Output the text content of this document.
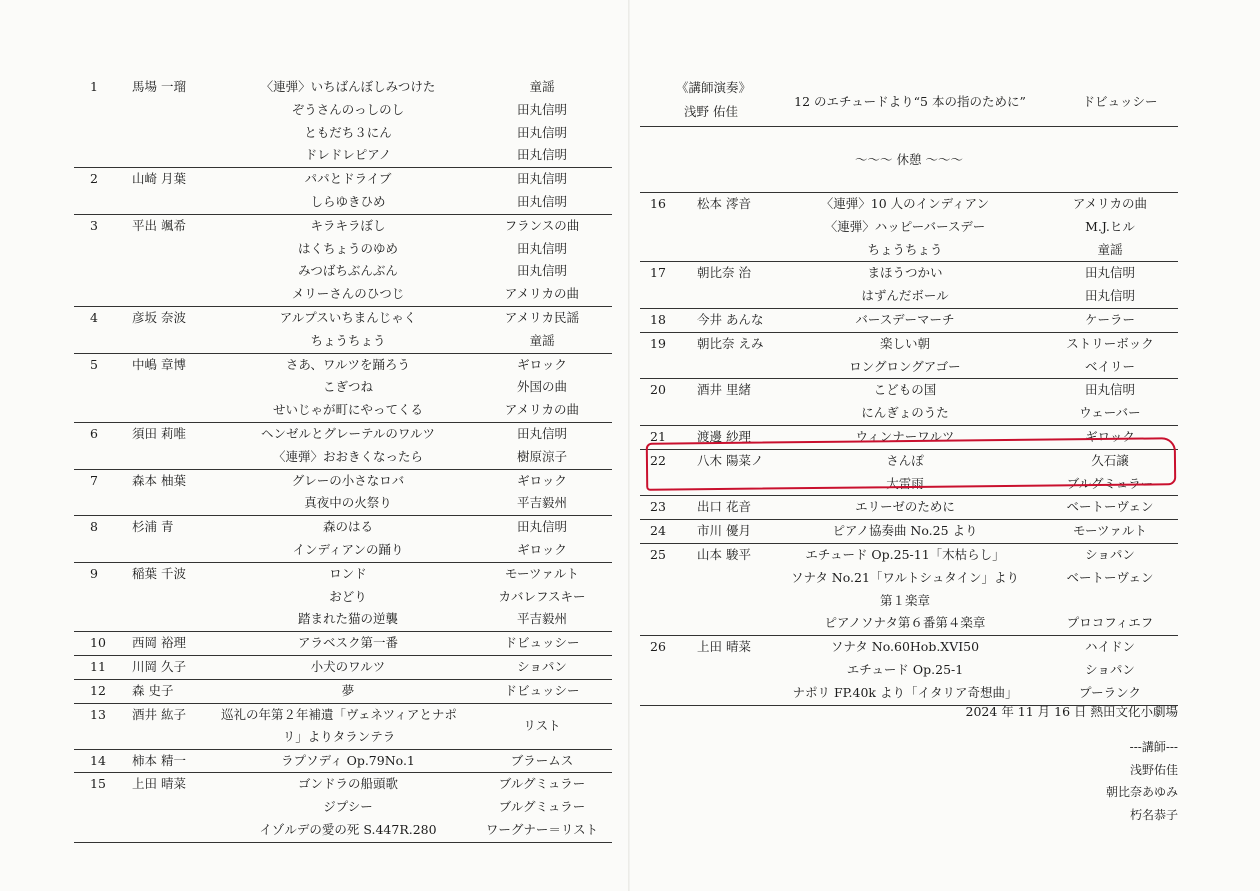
1	馬場 一瑠	〈連弾〉いちばんぼしみつけた	童謡
ぞうさんのっしのし	田丸信明
ともだち３にん	田丸信明
ドレドレピアノ	田丸信明
2	山崎 月葉	パパとドライブ	田丸信明
しらゆきひめ	田丸信明
3	平出 颯希	キラキラぼし	フランスの曲
はくちょうのゆめ	田丸信明
みつばちぶんぶん	田丸信明
メリーさんのひつじ	アメリカの曲
4	彦坂 奈波	アルプスいちまんじゃく	アメリカ民謡
ちょうちょう	童謡
5	中嶋 章博	さあ、ワルツを踊ろう	ギロック
こぎつね	外国の曲
せいじゃが町にやってくる	アメリカの曲
6	須田 莉唯	ヘンゼルとグレーテルのワルツ	田丸信明
〈連弾〉おおきくなったら	樹原涼子
7	森本 柚葉	グレーの小さなロバ	ギロック
真夜中の火祭り	平吉毅州
8	杉浦 青	森のはる	田丸信明
インディアンの踊り	ギロック
9	稲葉 千波	ロンド	モーツァルト
おどり	カバレフスキー
踏まれた猫の逆襲	平吉毅州
10	西岡 裕理	アラベスク第一番	ドビュッシー
11	川岡 久子	小犬のワルツ	ショパン
12	森 史子	夢	ドビュッシー
13	酒井 紘子	巡礼の年第２年補遺「ヴェネツィアとナポリ」よりタランテラ
リスト
14	柿本 精一	ラプソディ Op.79No.1	ブラームス
15	上田 晴菜	ゴンドラの船頭歌	ブルグミュラー
ジプシー	ブルグミュラー
イゾルデの愛の死 S.447R.280	ワーグナー＝リスト
《講師演奏》
浅野 佑佳
12 のエチュードより“5 本の指のために”	ドビュッシー
～～～ 休憩 ～～～
2024 年 11 月 16 日 熱田文化小劇場
---講師---
浅野佑佳
朝比奈あゆみ
朽名恭子
16	松本 澪音	〈連弾〉10 人のインディアン	アメリカの曲
〈連弾〉ハッピーバースデー	M.J.ヒル
ちょうちょう	童謡
17	朝比奈 治	まほうつかい	田丸信明
はずんだボール	田丸信明
18	今井 あんな	バースデーマーチ	ケーラー
19	朝比奈 えみ	楽しい朝	ストリーボック
ロングロングアゴー	ベイリー
20	酒井 里緒	こどもの国	田丸信明
にんぎょのうた	ウェーバー
21	渡邊 紗理	ウィンナーワルツ	ギロック
22	八木 陽菜ノ	さんぽ	久石譲
大雷雨	ブルグミュラー
23	出口 花音	エリーゼのために	ベートーヴェン
24	市川 優月	ピアノ協奏曲 No.25 より	モーツァルト
25	山本 駿平	エチュード Op.25-11「木枯らし」	ショパン
ソナタ No.21「ワルトシュタイン」より	ベートーヴェン
第１楽章
ピアノソナタ第６番第４楽章	プロコフィエフ
26	上田 晴菜	ソナタ No.60Hob.XVI50	ハイドン
エチュード Op.25-1	ショパン
ナポリ FP.40k より「イタリア奇想曲」	プーランク
